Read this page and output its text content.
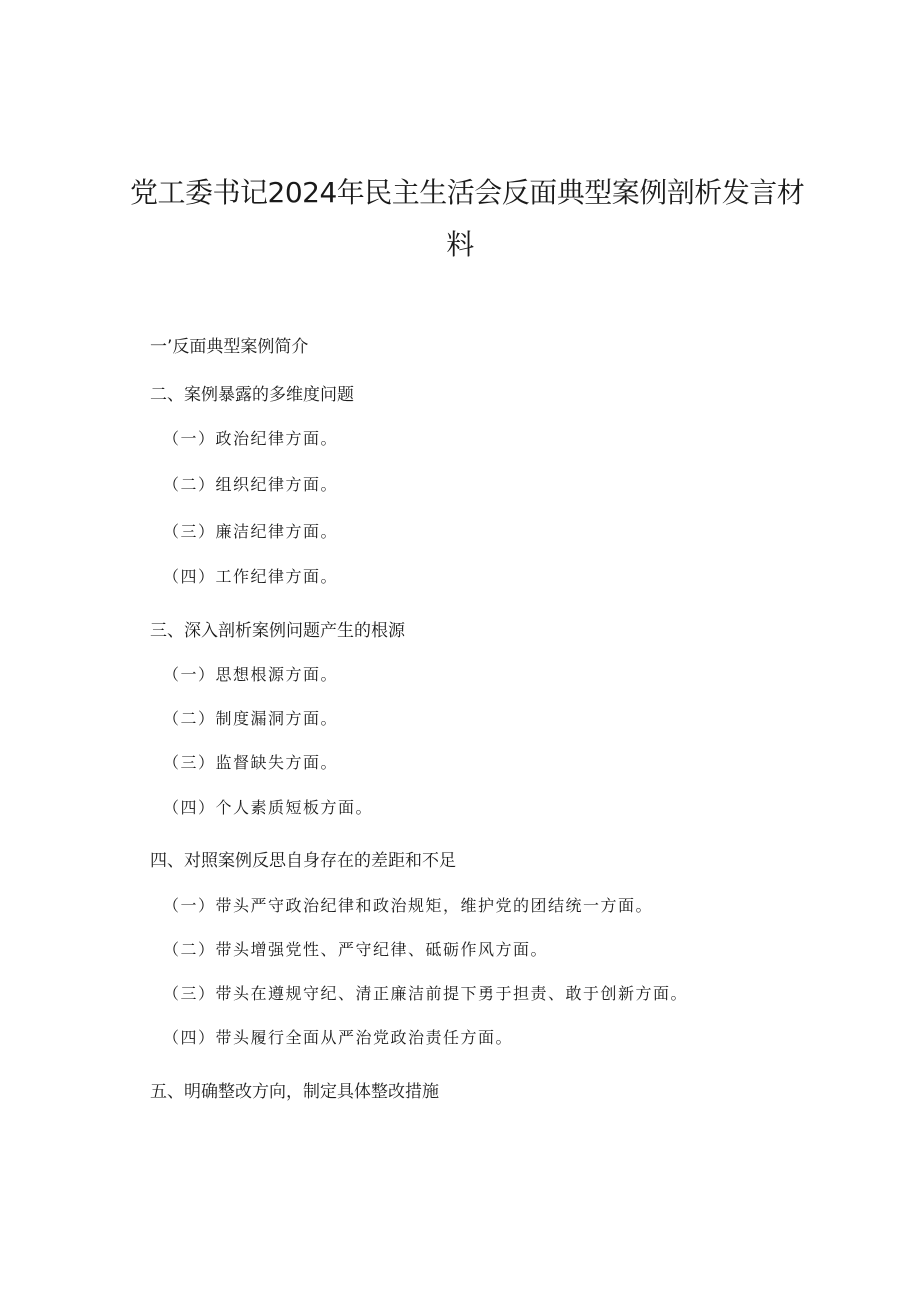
党工委书记2024年民主生活会反面典型案例剖析发言材
料
一’反面典型案例简介
二、案例暴露的多维度问题
（一）政治纪律方面。
（二）组织纪律方面。
（三）廉洁纪律方面。
（四）工作纪律方面。
三、深入剖析案例问题产生的根源
（一）思想根源方面。
（二）制度漏洞方面。
（三）监督缺失方面。
（四）个人素质短板方面。
四、对照案例反思自身存在的差距和不足
（一）带头严守政治纪律和政治规矩，维护党的团结统一方面。
（二）带头增强党性、严守纪律、砥砺作风方面。
（三）带头在遵规守纪、清正廉洁前提下勇于担责、敢于创新方面。
（四）带头履行全面从严治党政治责任方面。
五、明确整改方向，制定具体整改措施
